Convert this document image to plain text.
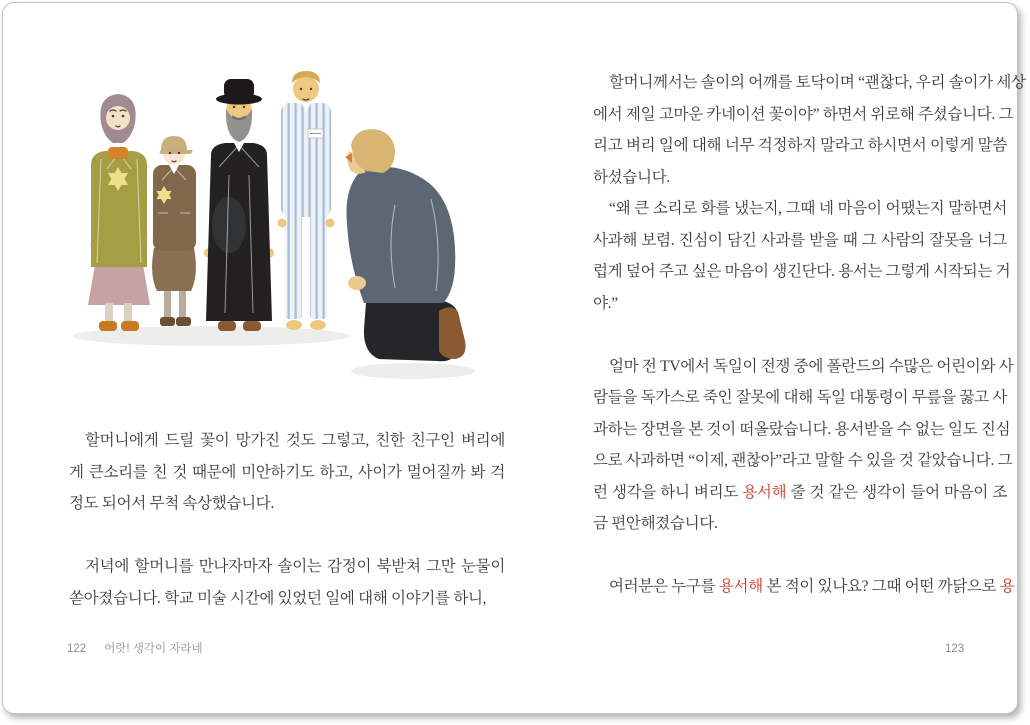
할머니에게 드릴 꽃이 망가진 것도 그렇고, 친한 친구인 벼리에
게 큰소리를 친 것 때문에 미안하기도 하고, 사이가 멀어질까 봐 걱
정도 되어서 무척 속상했습니다.
저녁에 할머니를 만나자마자 솔이는 감정이 북받쳐 그만 눈물이
쏟아졌습니다. 학교 미술 시간에 있었던 일에 대해 이야기를 하니,
122 어랏! 생각이 자라네
할머니께서는 솔이의 어깨를 토닥이며 “괜찮다, 우리 솔이가 세상
에서 제일 고마운 카네이션 꽃이야” 하면서 위로해 주셨습니다. 그
리고 벼리 일에 대해 너무 걱정하지 말라고 하시면서 이렇게 말씀
하셨습니다.
“왜 큰 소리로 화를 냈는지, 그때 네 마음이 어땠는지 말하면서
사과해 보렴. 진심이 담긴 사과를 받을 때 그 사람의 잘못을 너그
럽게 덮어 주고 싶은 마음이 생긴단다. 용서는 그렇게 시작되는 거
야.”
얼마 전 TV에서 독일이 전쟁 중에 폴란드의 수많은 어린이와 사
람들을 독가스로 죽인 잘못에 대해 독일 대통령이 무릎을 꿇고 사
과하는 장면을 본 것이 떠올랐습니다. 용서받을 수 없는 일도 진심
으로 사과하면 “이제, 괜찮아”라고 말할 수 있을 것 같았습니다. 그
런 생각을 하니 벼리도 용서해 줄 것 같은 생각이 들어 마음이 조
금 편안해졌습니다.
여러분은 누구를 용서해 본 적이 있나요? 그때 어떤 까닭으로 용
123
